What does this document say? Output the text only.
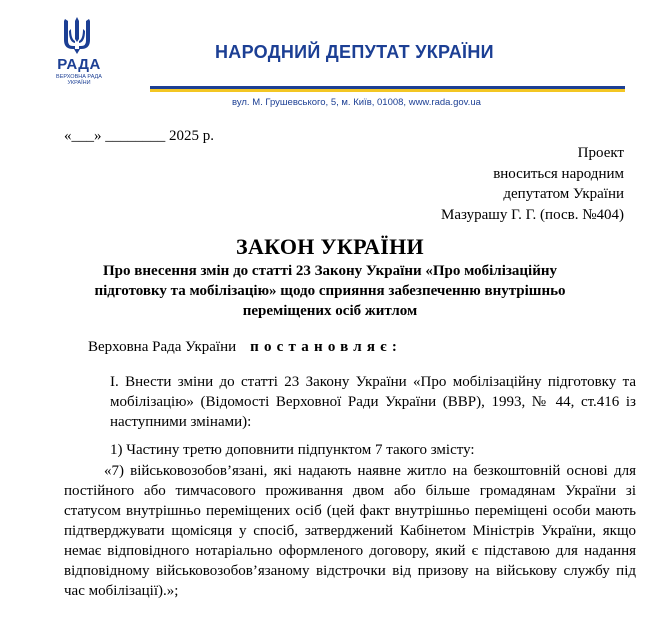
РАДА
ВЕРХОВНА РАДА
УКРАЇНИ
НАРОДНИЙ ДЕПУТАТ УКРАЇНИ
вул. М. Грушевського, 5, м. Київ, 01008, www.rada.gov.ua
«___» ________ 2025 р.
Проект
вноситься народним
депутатом України
Мазурашу Г. Г. (посв. №404)
ЗАКОН УКРАЇНИ
Про внесення змін до статті 23 Закону України «Про мобілізаційну підготовку та мобілізацію» щодо сприяння забезпеченню внутрішньо переміщених осіб житлом
Верховна Рада України постановляє:
I. Внести зміни до статті 23 Закону України «Про мобілізаційну підготовку та мобілізацію» (Відомості Верховної Ради України (ВВР), 1993, № 44, ст.416 із наступними змінами):
1) Частину третю доповнити підпунктом 7 такого змісту:
«7) військовозобов’язані, які надають наявне житло на безкоштовній основі для постійного або тимчасового проживання двом або більше громадянам України зі статусом внутрішньо переміщених осіб (цей факт внутрішньо переміщені особи мають підтверджувати щомісяця у спосіб, затверджений Кабінетом Міністрів України, якщо немає відповідного нотаріально оформленого договору, який є підставою для надання відповідному військовозобов’язаному відстрочки від призову на військову службу під час мобілізації).»;
